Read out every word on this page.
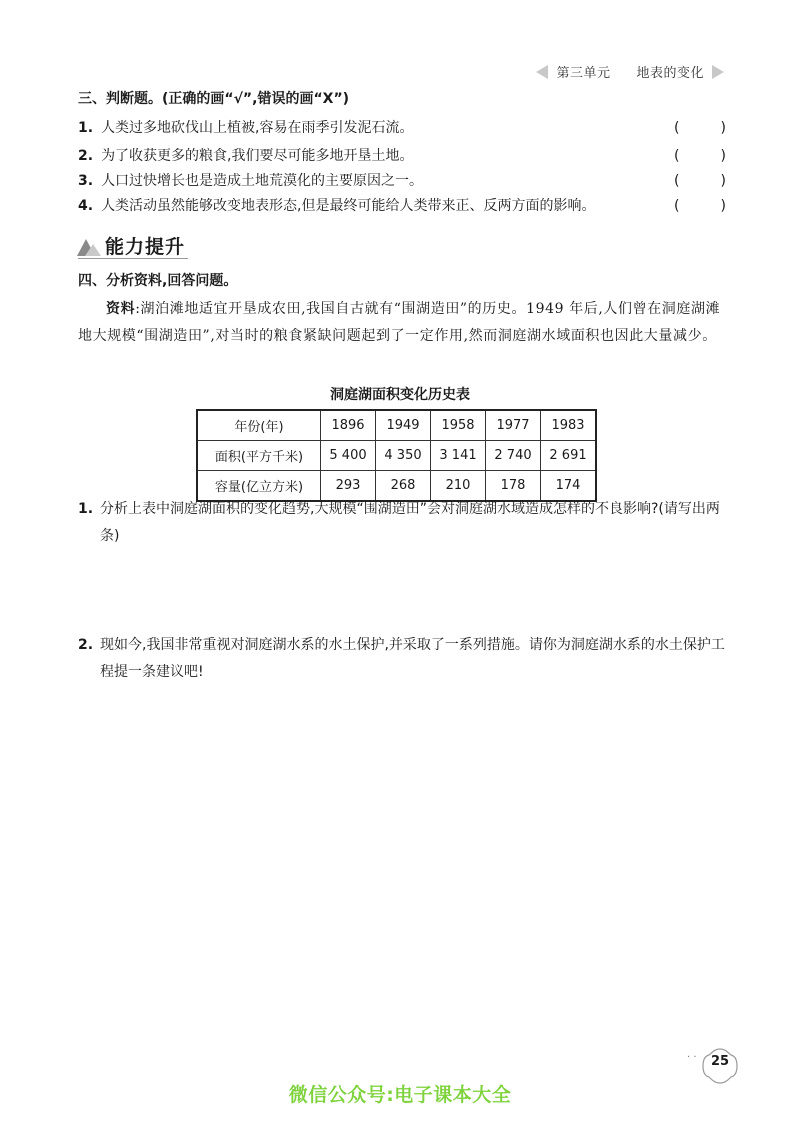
第三单元 地表的变化
三、判断题。(正确的画“√”,错误的画“X”)
1. 人类过多地砍伐山上植被,容易在雨季引发泥石流。	(	)
2. 为了收获更多的粮食,我们要尽可能多地开垦土地。	(	)
3. 人口过快增长也是造成土地荒漠化的主要原因之一。	(	)
4. 人类活动虽然能够改变地表形态,但是最终可能给人类带来正、反两方面的影响。	(	)
能力提升
四、分析资料,回答问题。
资料:湖泊滩地适宜开垦成农田,我国自古就有“围湖造田”的历史。1949 年后,人们曾在洞庭湖滩地大规模“围湖造田”,对当时的粮食紧缺问题起到了一定作用,然而洞庭湖水域面积也因此大量减少。
洞庭湖面积变化历史表
年份(年)	1896	1949	1958	1977	1983
面积(平方千米)	5 400	4 350	3 141	2 740	2 691
容量(亿立方米)	293	268	210	178	174
1. 分析上表中洞庭湖面积的变化趋势,大规模“围湖造田”会对洞庭湖水域造成怎样的不良影响?(请写出两条)
2. 现如今,我国非常重视对洞庭湖水系的水土保护,并采取了一系列措施。请你为洞庭湖水系的水土保护工程提一条建议吧!
· ·	25
微信公众号:电子课本大全
